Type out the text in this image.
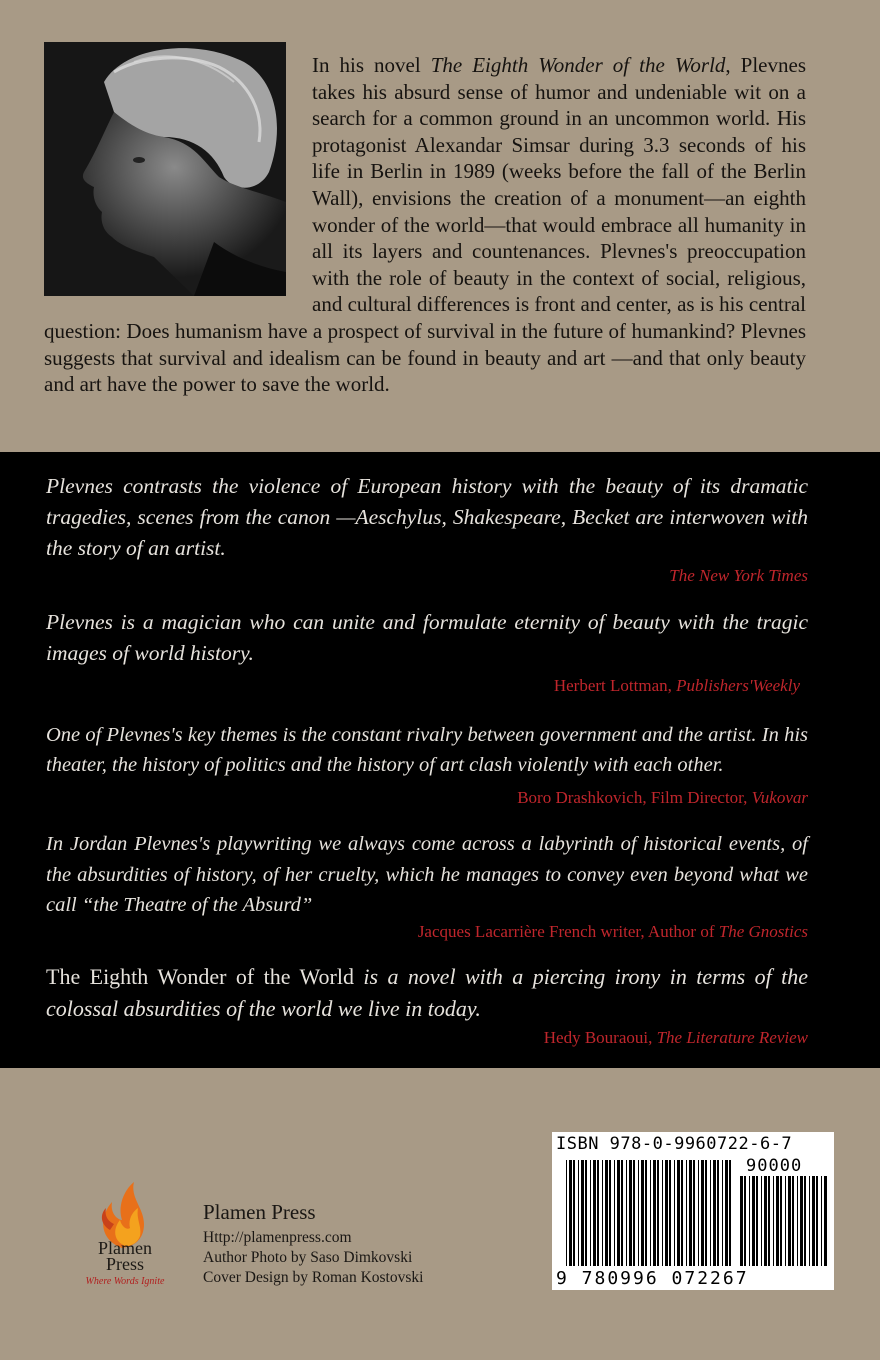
In his novel The Eighth Wonder of the World, Plevnes takes his absurd sense of humor and undeniable wit on a search for a common ground in an uncommon world. His protagonist Alexandar Simsar during 3.3 seconds of his life in Berlin in 1989 (weeks before the fall of the Berlin Wall), envisions the creation of a monument—an eighth wonder of the world—that would embrace all humanity in all its layers and countenances. Plevnes's preoccupation with the role of beauty in the context of social, religious, and cultural differences is front and center, as is his central question: Does humanism have a prospect of survival in the future of humankind? Plevnes suggests that survival and idealism can be found in beauty and art —and that only beauty and art have the power to save the world.

Plevnes contrasts the violence of European history with the beauty of its dramatic tragedies, scenes from the canon —Aeschylus, Shakespeare, Becket are interwoven with the story of an artist.

The New York Times

Plevnes is a magician who can unite and formulate eternity of beauty with the tragic images of world history.

Herbert Lottman, Publishers'Weekly

One of Plevnes's key themes is the constant rivalry between government and the artist. In his theater, the history of politics and the history of art clash violently with each other.

Boro Drashkovich, Film Director, Vukovar

In Jordan Plevnes's playwriting we always come across a labyrinth of historical events, of the absurdities of history, of her cruelty, which he manages to convey even beyond what we call “the Theatre of the Absurd”

Jacques Lacarrière French writer, Author of The Gnostics

The Eighth Wonder of the World is a novel with a piercing irony in terms of the colossal absurdities of the world we live in today.

Hedy Bouraoui, The Literature Review
Plamen
Press
Where Words Ignite
Plamen Press
Http://plamenpress.com
Author Photo by Saso Dimkovski
Cover Design by Roman Kostovski
ISBN 978-0-9960722-6-7
90000
9 780996 072267
